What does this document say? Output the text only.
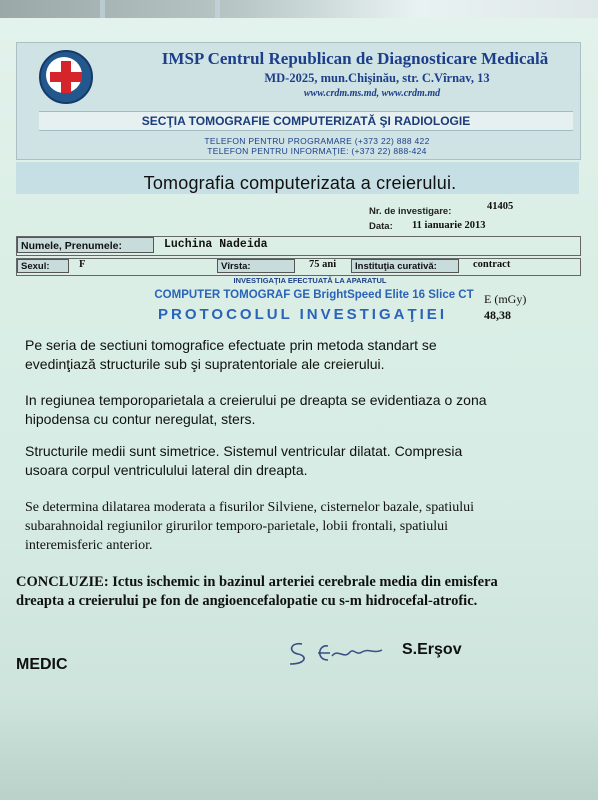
IMSP Centrul Republican de Diagnosticare Medicală
MD-2025, mun.Chişinău, str. C.Vîrnav, 13
www.crdm.ms.md, www.crdm.md
SECŢIA TOMOGRAFIE COMPUTERIZATĂ ŞI RADIOLOGIE
TELEFON PENTRU PROGRAMARE (+373 22) 888 422
TELEFON PENTRU INFORMAŢIE: (+373 22) 888-424
Tomografia computerizata a creierului.
Nr. de investigare:	41405
Data: 11 ianuarie 2013
Numele, Prenumele:	Luchina Nadeida
Sexul:	F	Vîrsta:	75 ani	Instituţia curativă:	contract
INVESTIGAŢIA EFECTUATĂ LA APARATUL
COMPUTER TOMOGRAF GE BrightSpeed Elite 16 Slice CT
PROTOCOLUL INVESTIGAŢIEI
E (mGy)
48,38
Pe seria de sectiuni tomografice efectuate prin metoda standart se
evedinţiază structurile sub şi supratentoriale ale creierului.
In regiunea temporoparietala a creierului pe dreapta se evidentiaza o zona
hipodensa cu contur neregulat, sters.
Structurile medii sunt simetrice. Sistemul ventricular dilatat. Compresia
usoara corpul ventriculului lateral din dreapta.
Se determina dilatarea moderata a fisurilor Silviene, cisternelor bazale, spatiului
subarahnoidal regiunilor girurilor temporo-parietale, lobii frontali, spatiului
interemisferic anterior.
CONCLUZIE: Ictus ischemic in bazinul arteriei cerebrale media din emisfera
dreapta a creierului pe fon de angioencefalopatie cu s-m hidrocefal-atrofic.
MEDIC
S.Erşov
